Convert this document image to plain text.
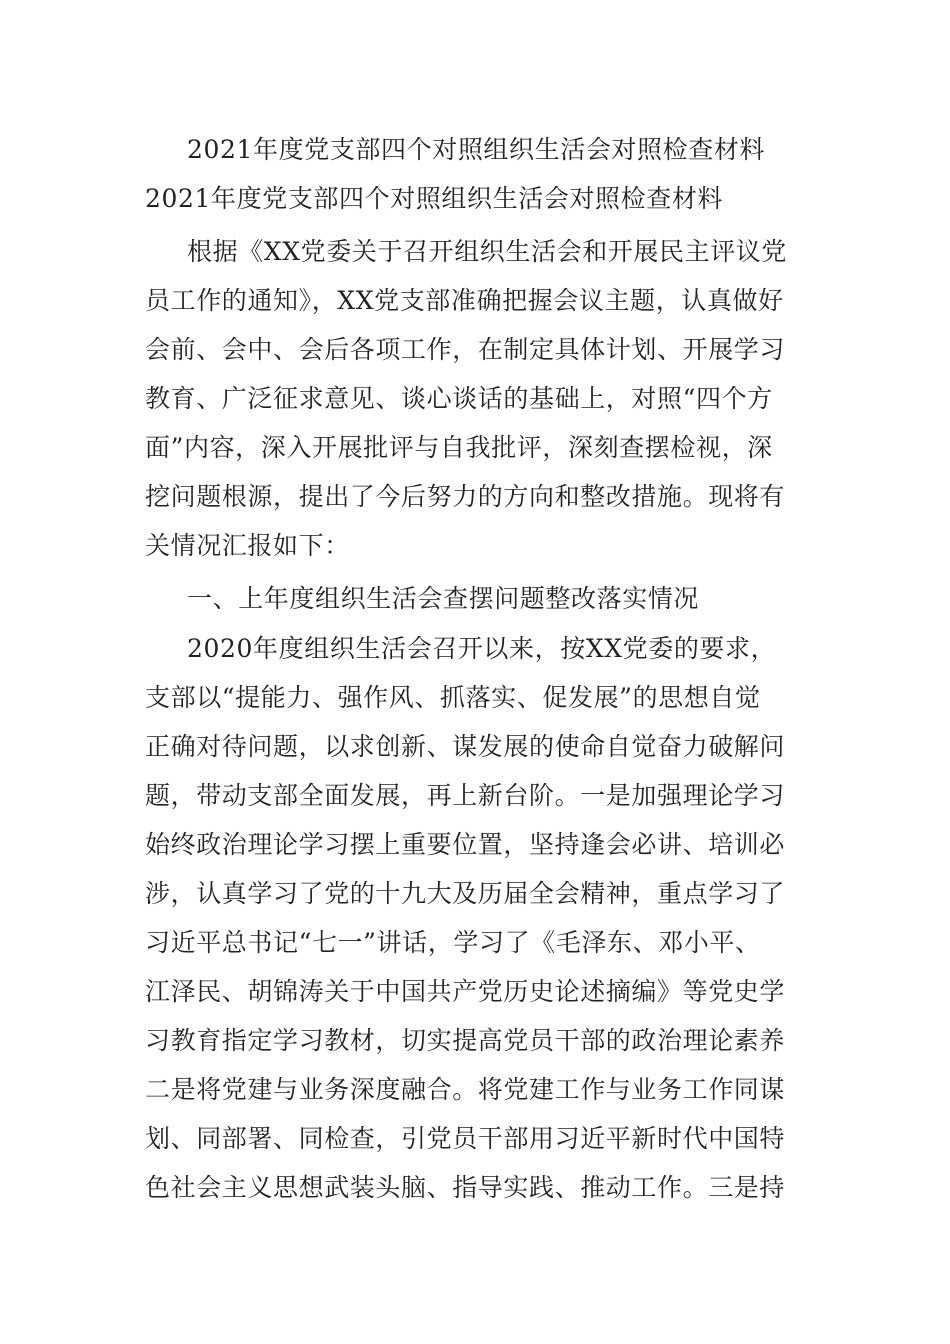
2021年度党支部四个对照组织生活会对照检查材料
2021年度党支部四个对照组织生活会对照检查材料
根据《XX党委关于召开组织生活会和开展民主评议党
员工作的通知》，XX党支部准确把握会议主题，认真做好
会前、会中、会后各项工作，在制定具体计划、开展学习
教育、广泛征求意见、谈心谈话的基础上，对照“四个方
面”内容，深入开展批评与自我批评，深刻查摆检视，深
挖问题根源，提出了今后努力的方向和整改措施。现将有
关情况汇报如下：
一、上年度组织生活会查摆问题整改落实情况
2020年度组织生活会召开以来，按XX党委的要求，
支部以“提能力、强作风、抓落实、促发展”的思想自觉
正确对待问题，以求创新、谋发展的使命自觉奋力破解问
题，带动支部全面发展，再上新台阶。一是加强理论学习
始终政治理论学习摆上重要位置，坚持逢会必讲、培训必
涉，认真学习了党的十九大及历届全会精神，重点学习了
习近平总书记“七一”讲话，学习了《毛泽东、邓小平、
江泽民、胡锦涛关于中国共产党历史论述摘编》等党史学
习教育指定学习教材，切实提高党员干部的政治理论素养
二是将党建与业务深度融合。将党建工作与业务工作同谋
划、同部署、同检查，引党员干部用习近平新时代中国特
色社会主义思想武装头脑、指导实践、推动工作。三是持
